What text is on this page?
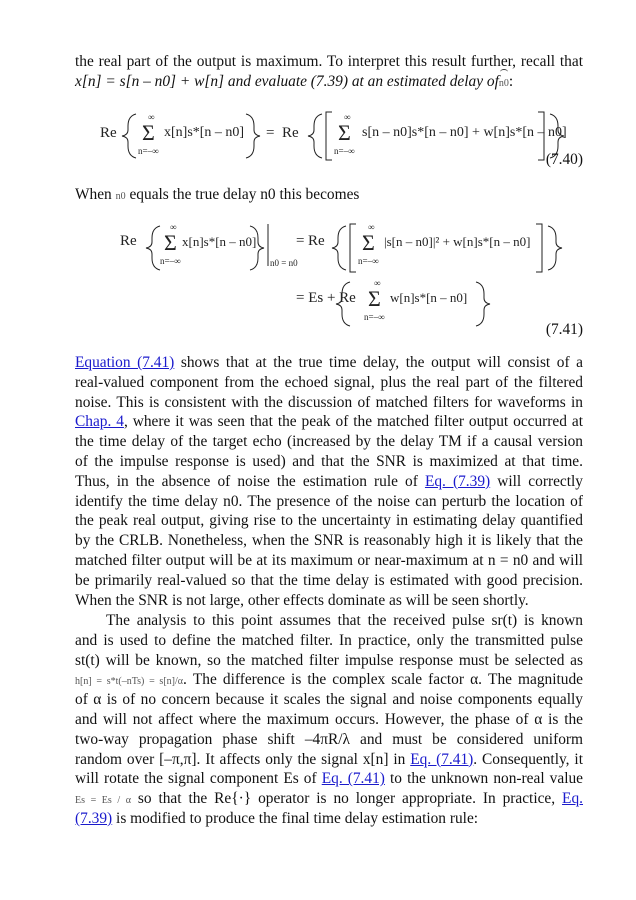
the real part of the output is maximum. To interpret this result further, recall that
x[n] = s[n – n0] + w[n] and evaluate (7.39) at an estimated delay ofn0:
Re
∞
Σ
n=–∞
x[n]s*[n – n0] = Re
∞
Σ
n=–∞
s[n – n0]s*[n – n0] + w[n]s*[n – n0]
(7.40)
When n0 equals the true delay n0 this becomes
Re
∞
Σ
n=–∞
x[n]s*[n – n0]
n0 = n0
= Re
∞
Σ
n=–∞
|s[n – n0]|² + w[n]s*[n – n0]
= Es + Re
∞
Σ
n=–∞
w[n]s*[n – n0]
(7.41)
Equation (7.41) shows that at the true time delay, the output will consist of a
real-valued component from the echoed signal, plus the real part of the filtered
noise. This is consistent with the discussion of matched filters for waveforms in
Chap. 4, where it was seen that the peak of the matched filter output occurred at
the time delay of the target echo (increased by the delay TM if a causal version
of the impulse response is used) and that the SNR is maximized at that time.
Thus, in the absence of noise the estimation rule of Eq. (7.39) will correctly
identify the time delay n0. The presence of the noise can perturb the location of
the peak real output, giving rise to the uncertainty in estimating delay quantified
by the CRLB. Nonetheless, when the SNR is reasonably high it is likely that the
matched filter output will be at its maximum or near-maximum at n = n0 and will
be primarily real-valued so that the time delay is estimated with good precision.
When the SNR is not large, other effects dominate as will be seen shortly.
The analysis to this point assumes that the received pulse sr(t) is known
and is used to define the matched filter. In practice, only the transmitted pulse
st(t) will be known, so the matched filter impulse response must be selected as
h[n] = s*t(–nTs) = s[n]/α. The difference is the complex scale factor α. The magnitude
of α is of no concern because it scales the signal and noise components equally
and will not affect where the maximum occurs. However, the phase of α is the
two-way propagation phase shift –4πR/λ and must be considered uniform
random over [–π,π]. It affects only the signal x[n] in Eq. (7.41). Consequently, it
will rotate the signal component Es of Eq. (7.41) to the unknown non-real value
Es = Es / α so that the Re{·} operator is no longer appropriate. In practice, Eq.
(7.39) is modified to produce the final time delay estimation rule:
